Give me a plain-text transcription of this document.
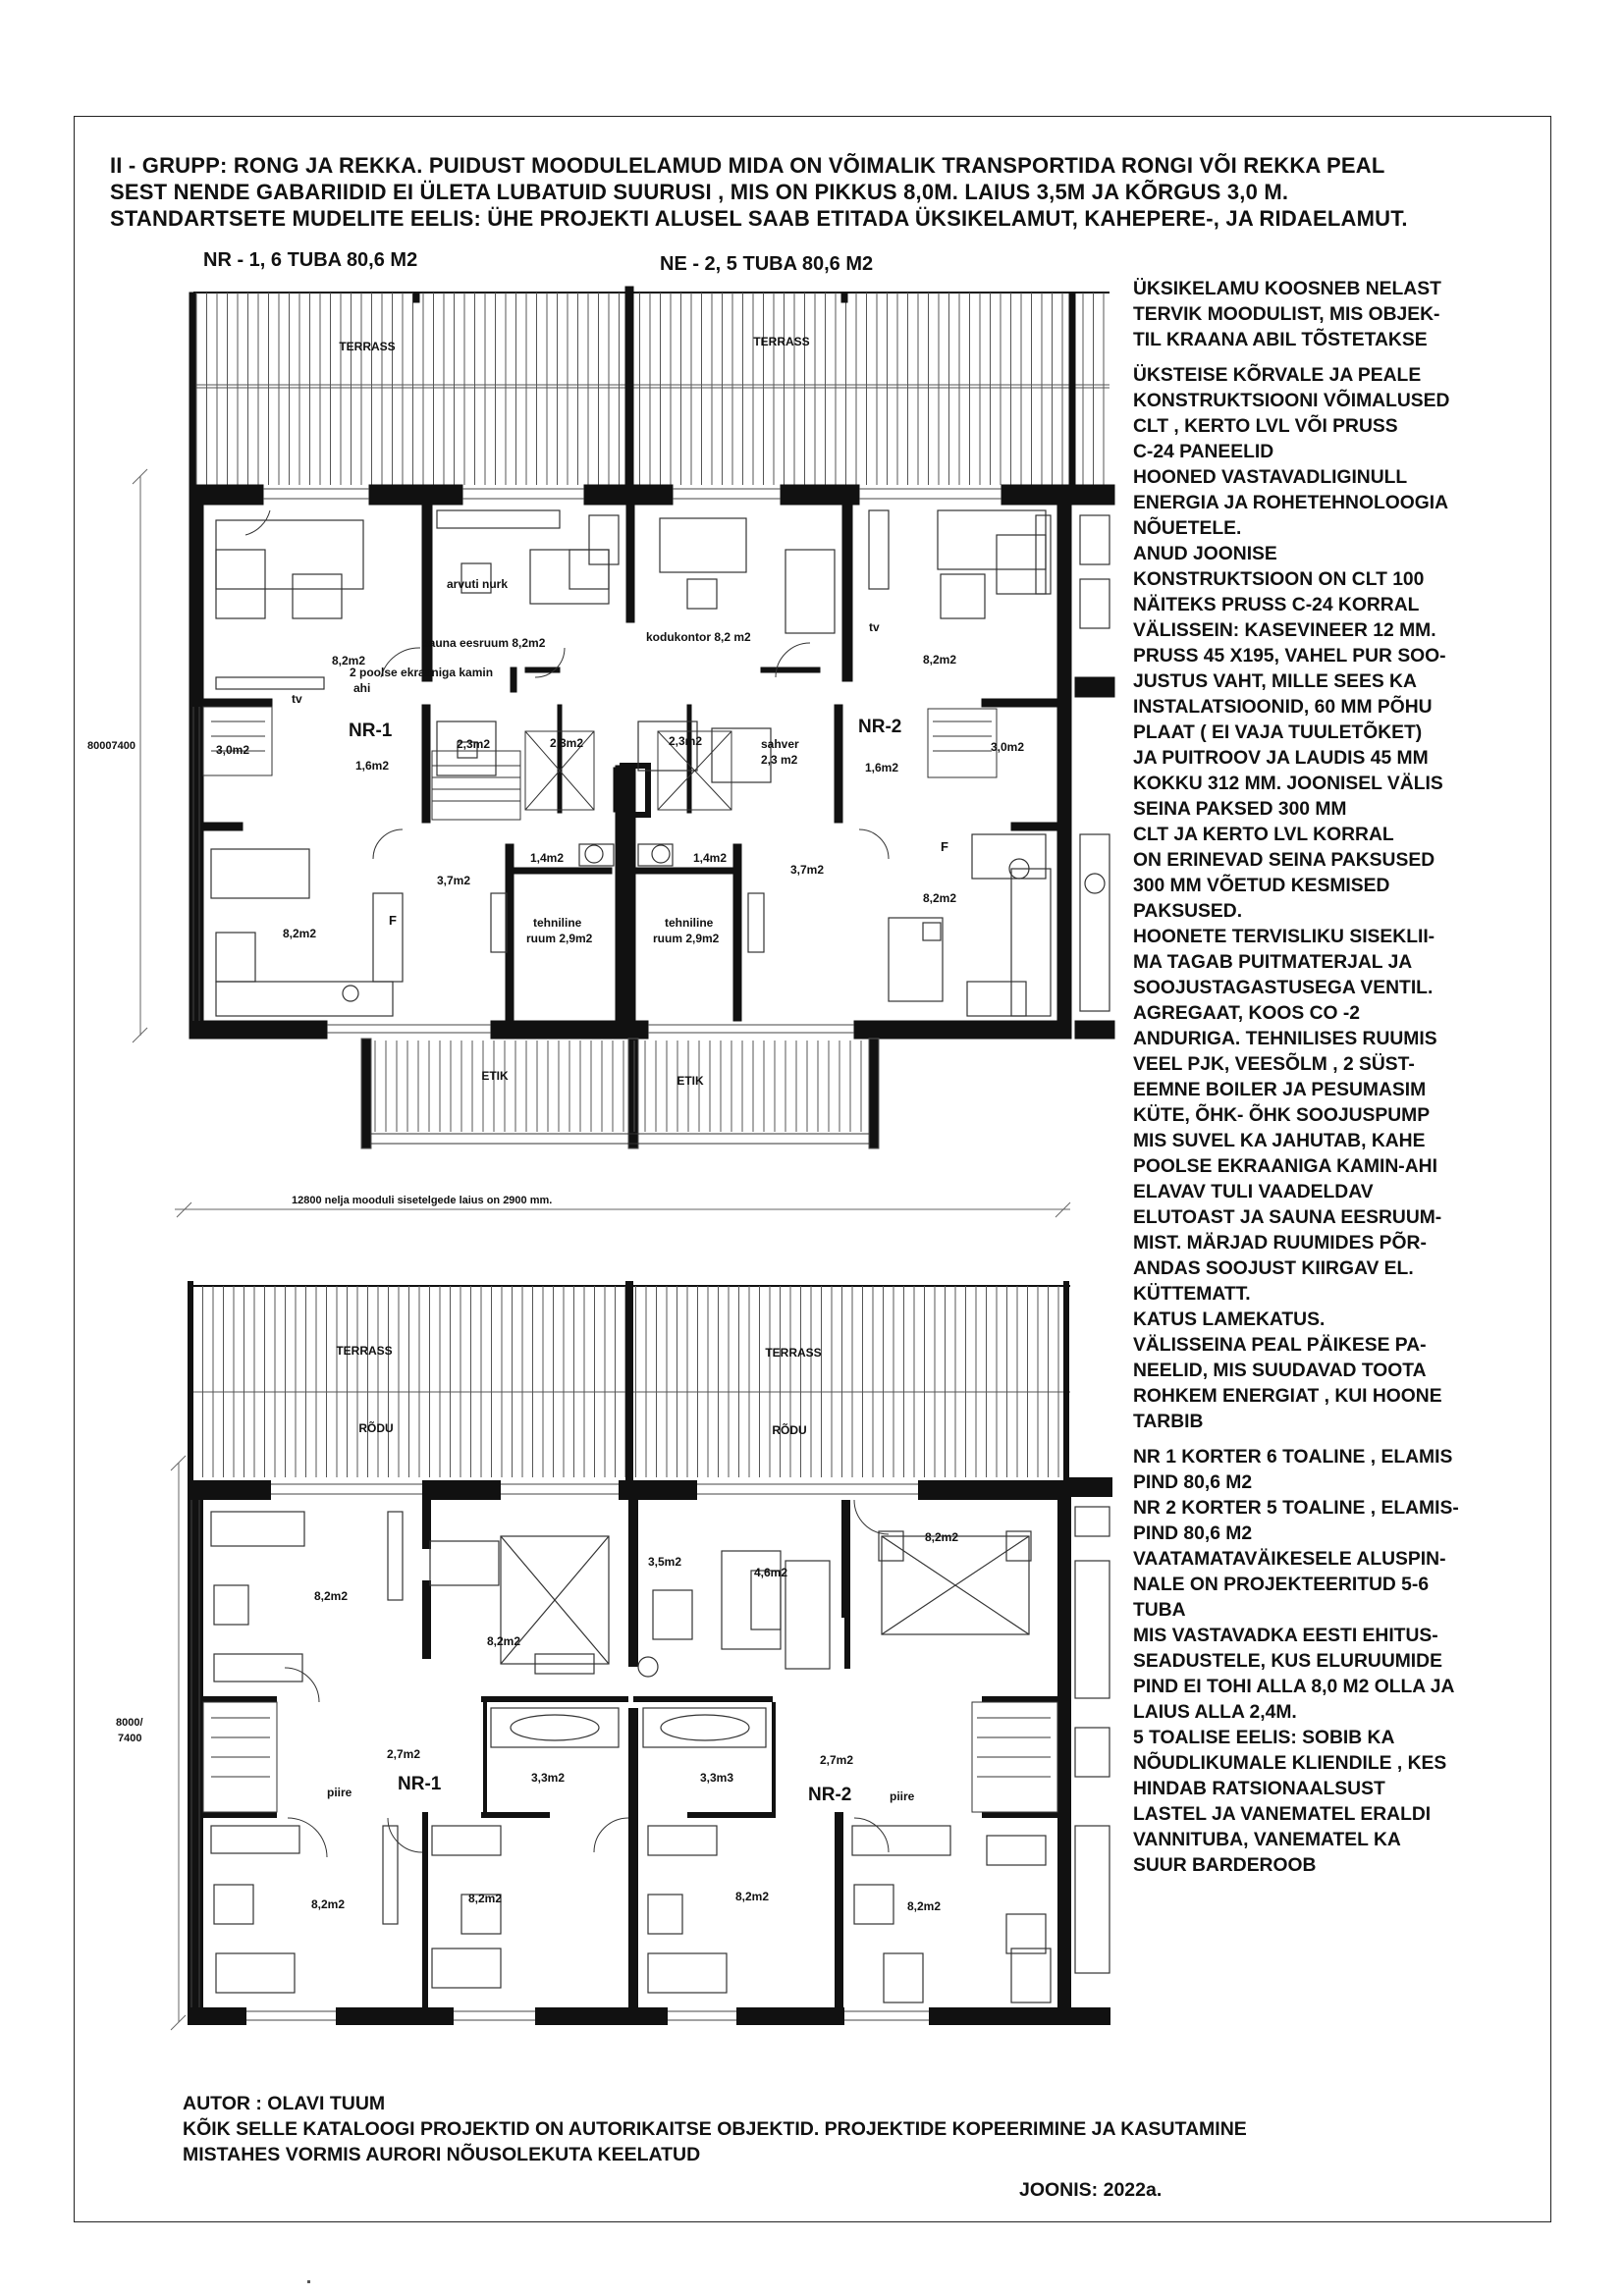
II - GRUPP: RONG JA REKKA. PUIDUST MOODULELAMUD MIDA ON VÕIMALIK TRANSPORTIDA RONGI VÕI REKKA PEAL
SEST NENDE GABARIIDID EI ÜLETA LUBATUID SUURUSI , MIS ON PIKKUS 8,0M. LAIUS 3,5M JA KÕRGUS 3,0 M.
STANDARTSETE MUDELITE EELIS: ÜHE PROJEKTI ALUSEL SAAB ETITADA ÜKSIKELAMUT, KAHEPERE-, JA RIDAELAMUT.
NR - 1, 6 TUBA 80,6 M2	NE - 2, 5 TUBA 80,6 M2
TERRASS	TERRASS
ETIK	ETIK
80007400
12800 nelja mooduli sisetelgede laius on 2900 mm.
8,2m2
arvuti nurk
sauna eesruum 8,2m2
2 poolse ekraaniga kamin
ahi
tv
NR-1
3,0m2
1,6m2
2,3m2	2,3m2	2,3m2	sahver
2,3 m2
kodukontor 8,2 m2
NR-2
1,6m2
3,0m2
tv
8,2m2
1,4m2	1,4m2
3,7m2
3,7m2
tehniline
ruum 2,9m2
tehniline
ruum 2,9m2
8,2m2
8,2m2
F
F
TERRASS	TERRASS
RÕDU	RÕDU
8000/
7400
8,2m2
8,2m2
3,5m2
4,6m2
8,2m2
2,7m2
NR-1
piire
3,3m2	3,3m3
2,7m2
NR-2	piire
8,2m2	8,2m2	8,2m2
8,2m2
ÜKSIKELAMU KOOSNEB NELAST
TERVIK MOODULIST, MIS OBJEK-
TIL KRAANA ABIL TÕSTETAKSE
ÜKSTEISE KÕRVALE JA PEALE
KONSTRUKTSIOONI VÕIMALUSED
CLT , KERTO LVL VÕI PRUSS
C-24 PANEELID
HOONED VASTAVADLIGINULL
ENERGIA JA ROHETEHNOLOOGIA
NÕUETELE.
ANUD JOONISE
KONSTRUKTSIOON ON CLT 100
NÄITEKS PRUSS C-24 KORRAL
VÄLISSEIN: KASEVINEER 12 MM.
PRUSS 45 X195, VAHEL PUR SOO-
JUSTUS VAHT, MILLE SEES KA
INSTALATSIOONID, 60 MM PÕHU
PLAAT ( EI VAJA TUULETÕKET)
JA PUITROOV JA LAUDIS 45 MM
KOKKU 312 MM. JOONISEL VÄLIS
SEINA PAKSED 300 MM
CLT JA KERTO LVL KORRAL
ON ERINEVAD SEINA PAKSUSED
300 MM VÕETUD KESMISED
PAKSUSED.
HOONETE TERVISLIKU SISEKLII-
MA TAGAB PUITMATERJAL JA
SOOJUSTAGASTUSEGA VENTIL.
AGREGAAT, KOOS CO -2
ANDURIGA. TEHNILISES RUUMIS
VEEL PJK, VEESÕLM , 2 SÜST-
EEMNE BOILER JA PESUMASIM
KÜTE, ÕHK- ÕHK SOOJUSPUMP
MIS SUVEL KA JAHUTAB, KAHE
POOLSE EKRAANIGA KAMIN-AHI
ELAVAV TULI VAADELDAV
ELUTOAST JA SAUNA EESRUUM-
MIST. MÄRJAD RUUMIDES PÕR-
ANDAS SOOJUST KIIRGAV EL.
KÜTTEMATT.
KATUS LAMEKATUS.
VÄLISSEINA PEAL PÄIKESE PA-
NEELID, MIS SUUDAVAD TOOTA
ROHKEM ENERGIAT , KUI HOONE
TARBIB
NR 1 KORTER 6 TOALINE , ELAMIS
PIND 80,6 M2
NR 2 KORTER 5 TOALINE , ELAMIS-
PIND 80,6 M2
VAATAMATAVÄIKESELE ALUSPIN-
NALE ON PROJEKTEERITUD 5-6
TUBA
MIS VASTAVADKA EESTI EHITUS-
SEADUSTELE, KUS ELURUUMIDE
PIND EI TOHI ALLA 8,0 M2 OLLA JA
LAIUS ALLA 2,4M.
5 TOALISE EELIS: SOBIB KA
NÕUDLIKUMALE KLIENDILE , KES
HINDAB RATSIONAALSUST
LASTEL JA VANEMATEL ERALDI
VANNITUBA, VANEMATEL KA
SUUR BARDEROOB
AUTOR : OLAVI TUUM
KÕIK SELLE KATALOOGI PROJEKTID ON AUTORIKAITSE OBJEKTID. PROJEKTIDE KOPEERIMINE JA KASUTAMINE
MISTAHES VORMIS AURORI NÕUSOLEKUTA KEELATUD
JOONIS: 2022a.
